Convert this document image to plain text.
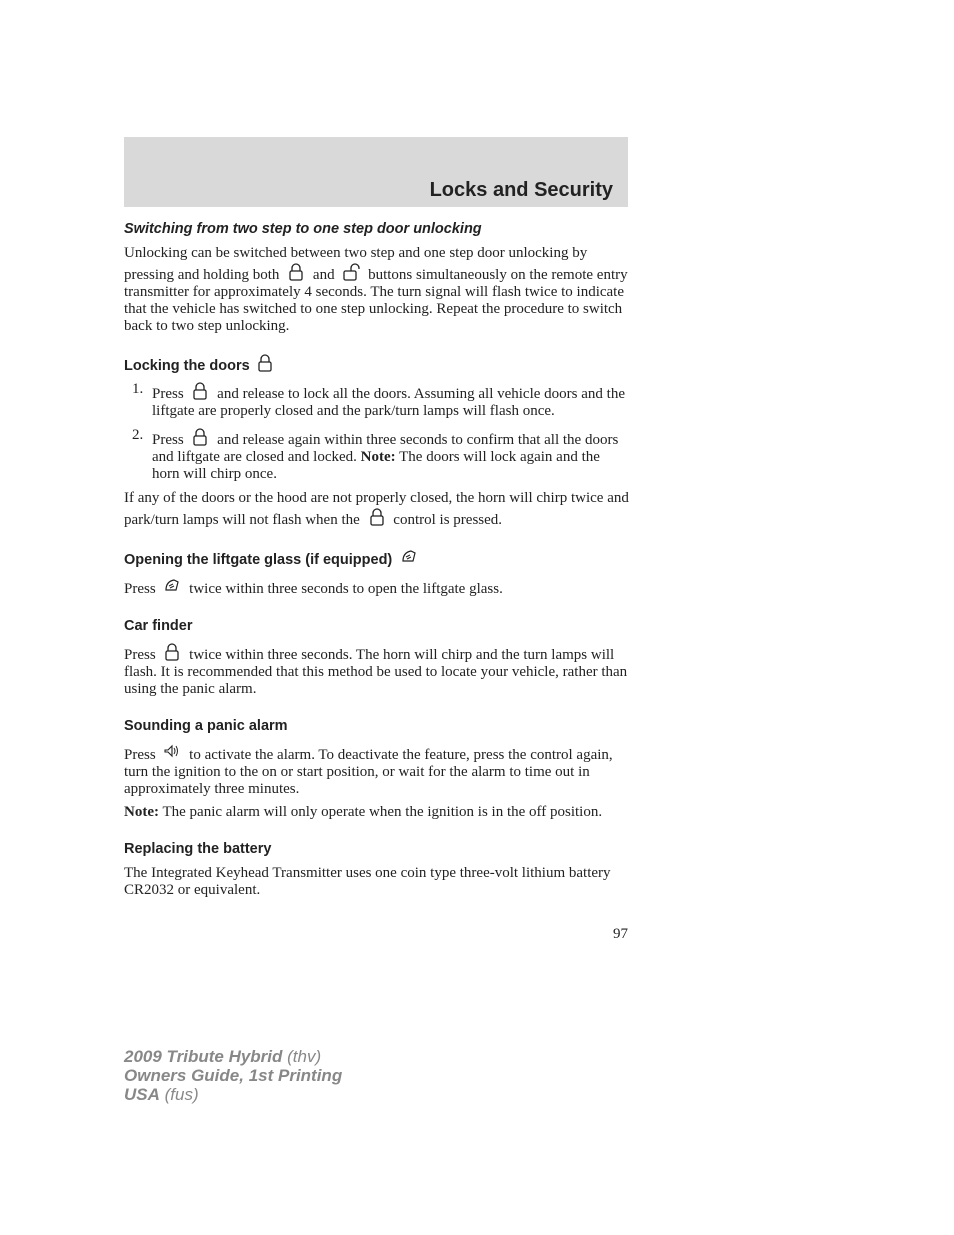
Locks and Security
Switching from two step to one step door unlocking

Unlocking can be switched between two step and one step door unlocking by pressing and holding both and buttons simultaneously on the remote entry transmitter for approximately 4 seconds. The turn signal will flash twice to indicate that the vehicle has switched to one step unlocking. Repeat the procedure to switch back to two step unlocking.

Locking the doors
1. Press and release to lock all the doors. Assuming all vehicle doors and the liftgate are properly closed and the park/turn lamps will flash once.
2. Press and release again within three seconds to confirm that all the doors and liftgate are closed and locked. Note: The doors will lock again and the horn will chirp once.

If any of the doors or the hood are not properly closed, the horn will chirp twice and park/turn lamps will not flash when the control is pressed.

Opening the liftgate glass (if equipped)

Press twice within three seconds to open the liftgate glass.

Car finder

Press twice within three seconds. The horn will chirp and the turn lamps will flash. It is recommended that this method be used to locate your vehicle, rather than using the panic alarm.

Sounding a panic alarm

Press to activate the alarm. To deactivate the feature, press the control again, turn the ignition to the on or start position, or wait for the alarm to time out in approximately three minutes.

Note: The panic alarm will only operate when the ignition is in the off position.

Replacing the battery

The Integrated Keyhead Transmitter uses one coin type three-volt lithium battery CR2032 or equivalent.

97
2009 Tribute Hybrid (thv)
Owners Guide, 1st Printing
USA (fus)
